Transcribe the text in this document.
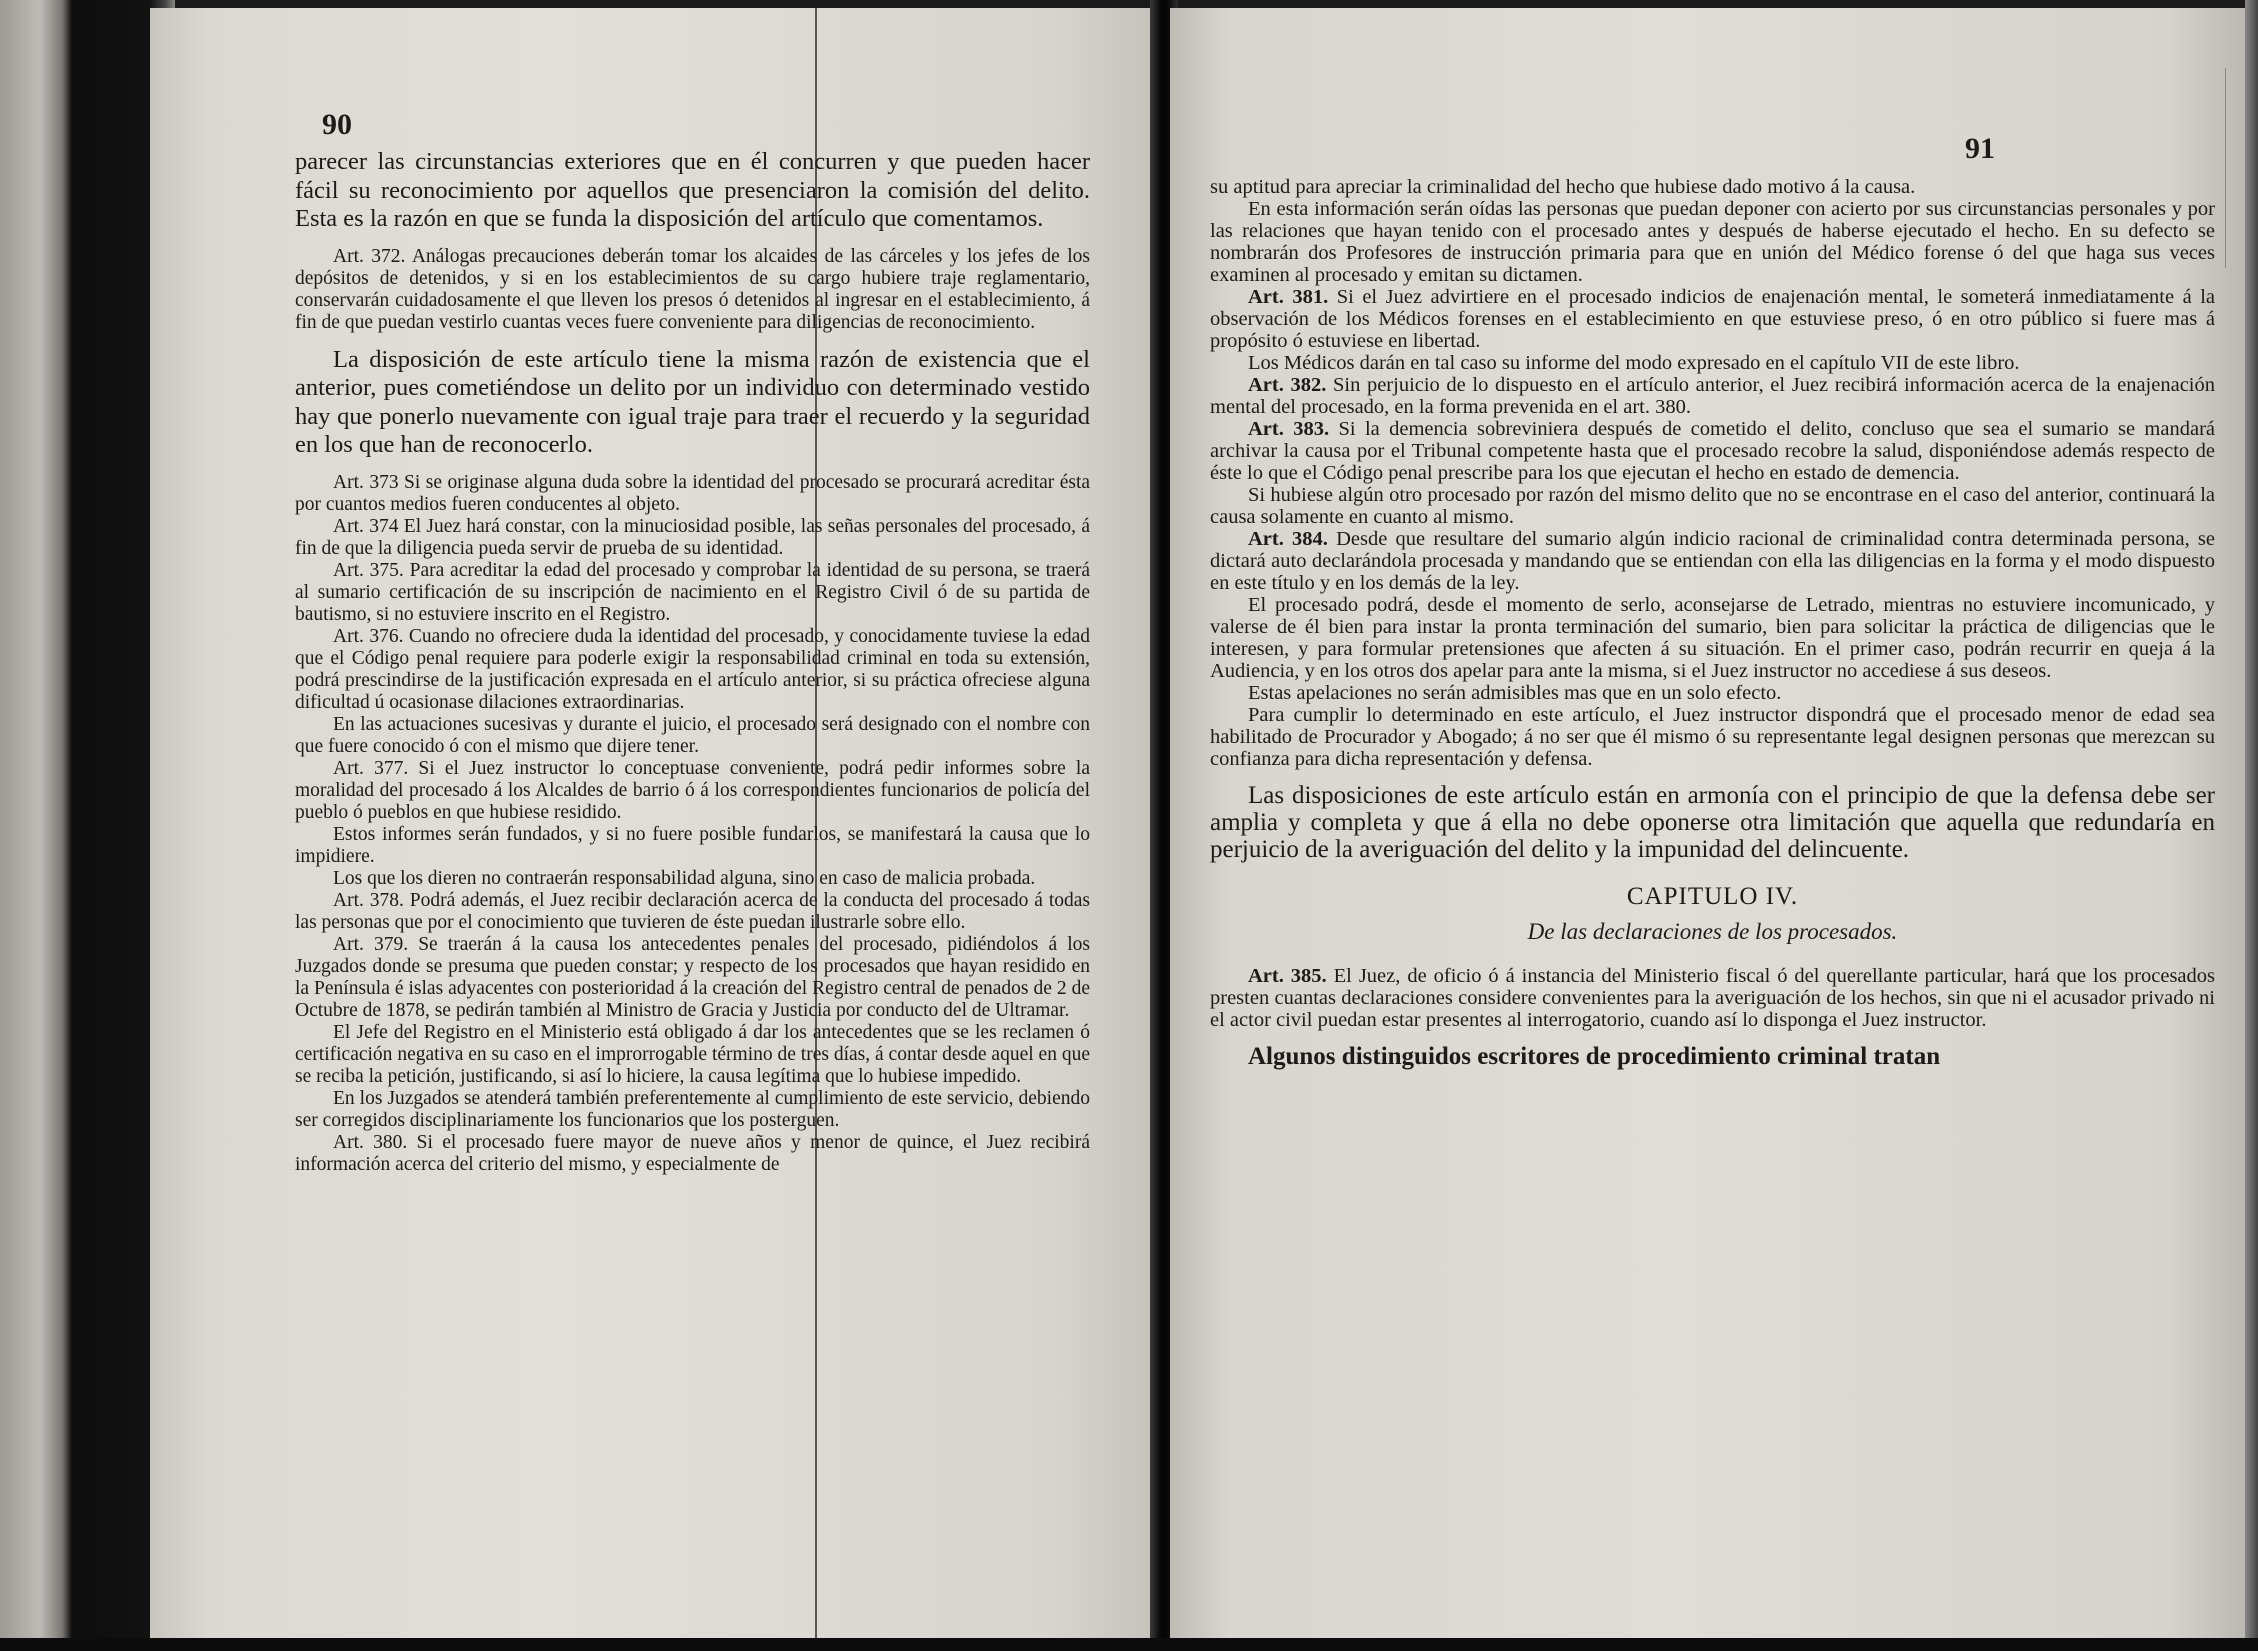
90

parecer las circunstancias exteriores que en él concurren y que pueden hacer fácil su reconocimiento por aquellos que presenciaron la comisión del delito. Esta es la razón en que se funda la disposición del artículo que comentamos.

Art. 372. Análogas precauciones deberán tomar los alcaides de las cárceles y los jefes de los depósitos de detenidos, y si en los establecimientos de su cargo hubiere traje reglamentario, conservarán cuidadosamente el que lleven los presos ó detenidos al ingresar en el establecimiento, á fin de que puedan vestirlo cuantas veces fuere conveniente para diligencias de reconocimiento.

La disposición de este artículo tiene la misma razón de existencia que el anterior, pues cometiéndose un delito por un individuo con determinado vestido hay que ponerlo nuevamente con igual traje para traer el recuerdo y la seguridad en los que han de reconocerlo.

Art. 373 Si se originase alguna duda sobre la identidad del procesado se procurará acreditar ésta por cuantos medios fueren conducentes al objeto.

Art. 374 El Juez hará constar, con la minuciosidad posible, las señas personales del procesado, á fin de que la diligencia pueda servir de prueba de su identidad.

Art. 375. Para acreditar la edad del procesado y comprobar la identidad de su persona, se traerá al sumario certificación de su inscripción de nacimiento en el Registro Civil ó de su partida de bautismo, si no estuviere inscrito en el Registro.

Art. 376. Cuando no ofreciere duda la identidad del procesado, y conocidamente tuviese la edad que el Código penal requiere para poderle exigir la responsabilidad criminal en toda su extensión, podrá prescindirse de la justificación expresada en el artículo anterior, si su práctica ofreciese alguna dificultad ú ocasionase dilaciones extraordinarias.

En las actuaciones sucesivas y durante el juicio, el procesado será designado con el nombre con que fuere conocido ó con el mismo que dijere tener.

Art. 377. Si el Juez instructor lo conceptuase conveniente, podrá pedir informes sobre la moralidad del procesado á los Alcaldes de barrio ó á los correspondientes funcionarios de policía del pueblo ó pueblos en que hubiese residido.

Estos informes serán fundados, y si no fuere posible fundarlos, se manifestará la causa que lo impidiere.

Los que los dieren no contraerán responsabilidad alguna, sino en caso de malicia probada.

Art. 378. Podrá además, el Juez recibir declaración acerca de la conducta del procesado á todas las personas que por el conocimiento que tuvieren de éste puedan ilustrarle sobre ello.

Art. 379. Se traerán á la causa los antecedentes penales del procesado, pidiéndolos á los Juzgados donde se presuma que pueden constar; y respecto de los procesados que hayan residido en la Península é islas adyacentes con posterioridad á la creación del Registro central de penados de 2 de Octubre de 1878, se pedirán también al Ministro de Gracia y Justicia por conducto del de Ultramar.

El Jefe del Registro en el Ministerio está obligado á dar los antecedentes que se les reclamen ó certificación negativa en su caso en el improrrogable término de tres días, á contar desde aquel en que se reciba la petición, justificando, si así lo hiciere, la causa legítima que lo hubiese impedido.

En los Juzgados se atenderá también preferentemente al cumplimiento de este servicio, debiendo ser corregidos disciplinariamente los funcionarios que los posterguen.

Art. 380. Si el procesado fuere mayor de nueve años y menor de quince, el Juez recibirá información acerca del criterio del mismo, y especialmente de

91

su aptitud para apreciar la criminalidad del hecho que hubiese dado motivo á la causa.

En esta información serán oídas las personas que puedan deponer con acierto por sus circunstancias personales y por las relaciones que hayan tenido con el procesado antes y después de haberse ejecutado el hecho. En su defecto se nombrarán dos Profesores de instrucción primaria para que en unión del Médico forense ó del que haga sus veces examinen al procesado y emitan su dictamen.

Art. 381. Si el Juez advirtiere en el procesado indicios de enajenación mental, le someterá inmediatamente á la observación de los Médicos forenses en el establecimiento en que estuviese preso, ó en otro público si fuere mas á propósito ó estuviese en libertad.

Los Médicos darán en tal caso su informe del modo expresado en el capítulo VII de este libro.

Art. 382. Sin perjuicio de lo dispuesto en el artículo anterior, el Juez recibirá información acerca de la enajenación mental del procesado, en la forma prevenida en el art. 380.

Art. 383. Si la demencia sobreviniera después de cometido el delito, concluso que sea el sumario se mandará archivar la causa por el Tribunal competente hasta que el procesado recobre la salud, disponiéndose además respecto de éste lo que el Código penal prescribe para los que ejecutan el hecho en estado de demencia.

Si hubiese algún otro procesado por razón del mismo delito que no se encontrase en el caso del anterior, continuará la causa solamente en cuanto al mismo.

Art. 384. Desde que resultare del sumario algún indicio racional de criminalidad contra determinada persona, se dictará auto declarándola procesada y mandando que se entiendan con ella las diligencias en la forma y el modo dispuesto en este título y en los demás de la ley.

El procesado podrá, desde el momento de serlo, aconsejarse de Letrado, mientras no estuviere incomunicado, y valerse de él bien para instar la pronta terminación del sumario, bien para solicitar la práctica de diligencias que le interesen, y para formular pretensiones que afecten á su situación. En el primer caso, podrán recurrir en queja á la Audiencia, y en los otros dos apelar para ante la misma, si el Juez instructor no accediese á sus deseos.

Estas apelaciones no serán admisibles mas que en un solo efecto.

Para cumplir lo determinado en este artículo, el Juez instructor dispondrá que el procesado menor de edad sea habilitado de Procurador y Abogado; á no ser que él mismo ó su representante legal designen personas que merezcan su confianza para dicha representación y defensa.

Las disposiciones de este artículo están en armonía con el principio de que la defensa debe ser amplia y completa y que á ella no debe oponerse otra limitación que aquella que redundaría en perjuicio de la averiguación del delito y la impunidad del delincuente.

CAPITULO IV.
De las declaraciones de los procesados.

Art. 385. El Juez, de oficio ó á instancia del Ministerio fiscal ó del querellante particular, hará que los procesados presten cuantas declaraciones considere convenientes para la averiguación de los hechos, sin que ni el acusador privado ni el actor civil puedan estar presentes al interrogatorio, cuando así lo disponga el Juez instructor.

Algunos distinguidos escritores de procedimiento criminal tratan
